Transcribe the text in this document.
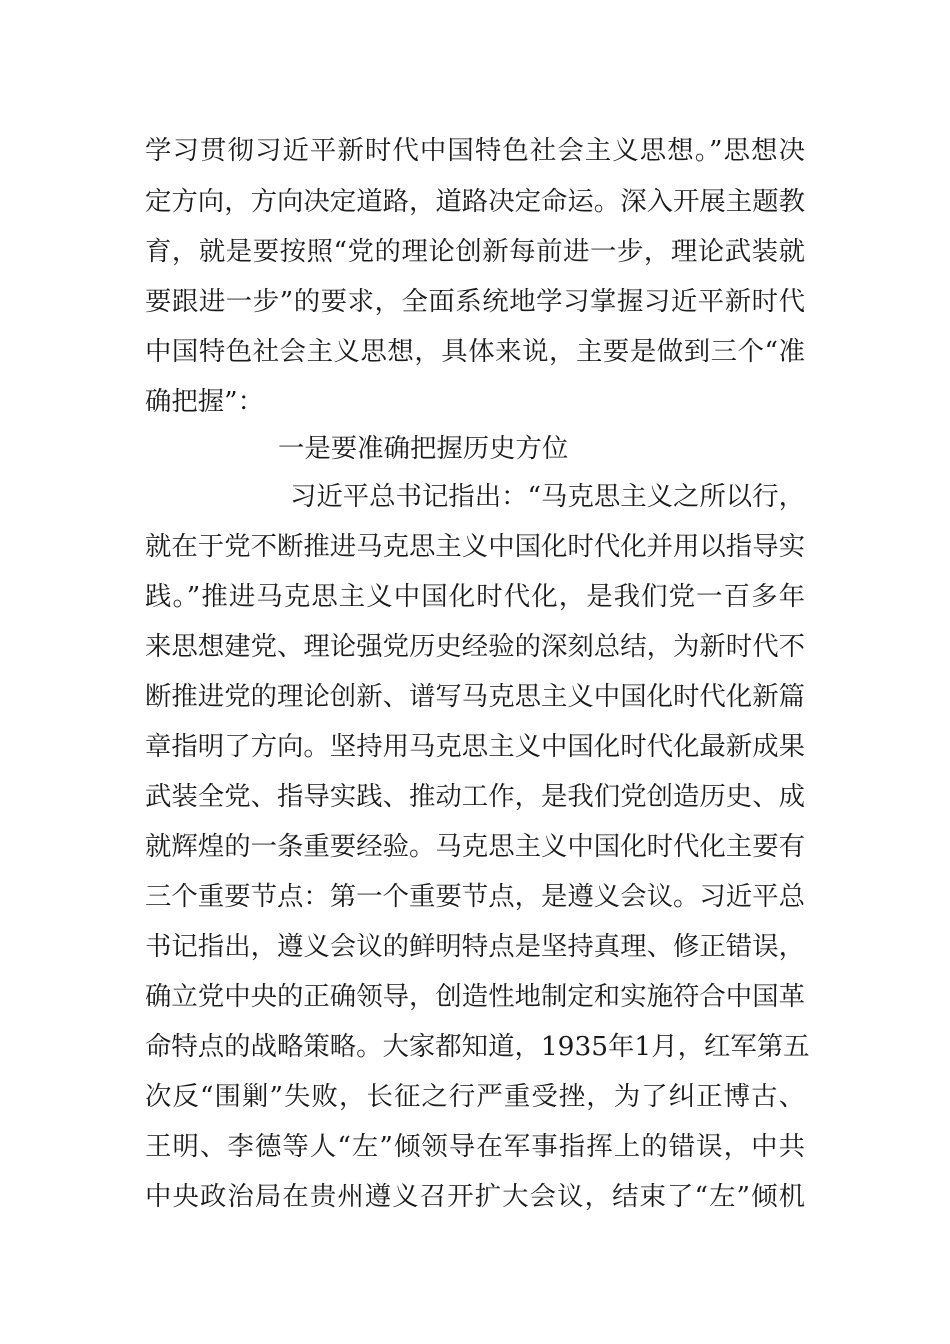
学习贯彻习近平新时代中国特色社会主义思想。”思想决
定方向，方向决定道路，道路决定命运。深入开展主题教
育，就是要按照“党的理论创新每前进一步，理论武装就
要跟进一步”的要求，全面系统地学习掌握习近平新时代
中国特色社会主义思想，具体来说，主要是做到三个“准
确把握”：
一是要准确把握历史方位
习近平总书记指出：“马克思主义之所以行，
就在于党不断推进马克思主义中国化时代化并用以指导实
践。”推进马克思主义中国化时代化，是我们党一百多年
来思想建党、理论强党历史经验的深刻总结，为新时代不
断推进党的理论创新、谱写马克思主义中国化时代化新篇
章指明了方向。坚持用马克思主义中国化时代化最新成果
武装全党、指导实践、推动工作，是我们党创造历史、成
就辉煌的一条重要经验。马克思主义中国化时代化主要有
三个重要节点：第一个重要节点，是遵义会议。习近平总
书记指出，遵义会议的鲜明特点是坚持真理、修正错误，
确立党中央的正确领导，创造性地制定和实施符合中国革
命特点的战略策略。大家都知道，1935年1月，红军第五
次反“围剿”失败，长征之行严重受挫，为了纠正博古、
王明、李德等人“左”倾领导在军事指挥上的错误，中共
中央政治局在贵州遵义召开扩大会议，结束了“左”倾机
